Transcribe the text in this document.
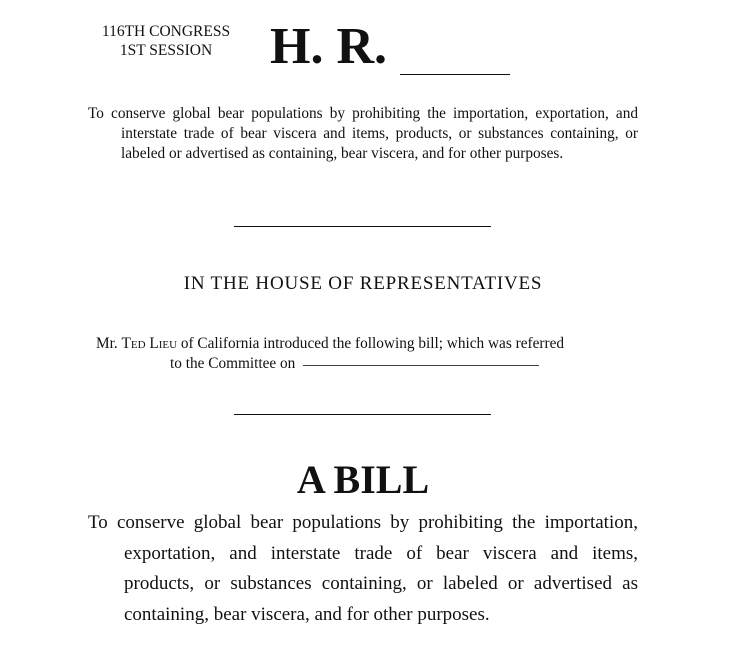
116TH CONGRESS
1ST SESSION	H. R.
To conserve global bear populations by prohibiting the importation, exportation, and interstate trade of bear viscera and items, products, or substances containing, or labeled or advertised as containing, bear viscera, and for other purposes.
IN THE HOUSE OF REPRESENTATIVES
Mr. Ted Lieu of California introduced the following bill; which was referred
to the Committee on
A BILL
To conserve global bear populations by prohibiting the importation, exportation, and interstate trade of bear viscera and items, products, or substances containing, or labeled or advertised as containing, bear viscera, and for other purposes.
